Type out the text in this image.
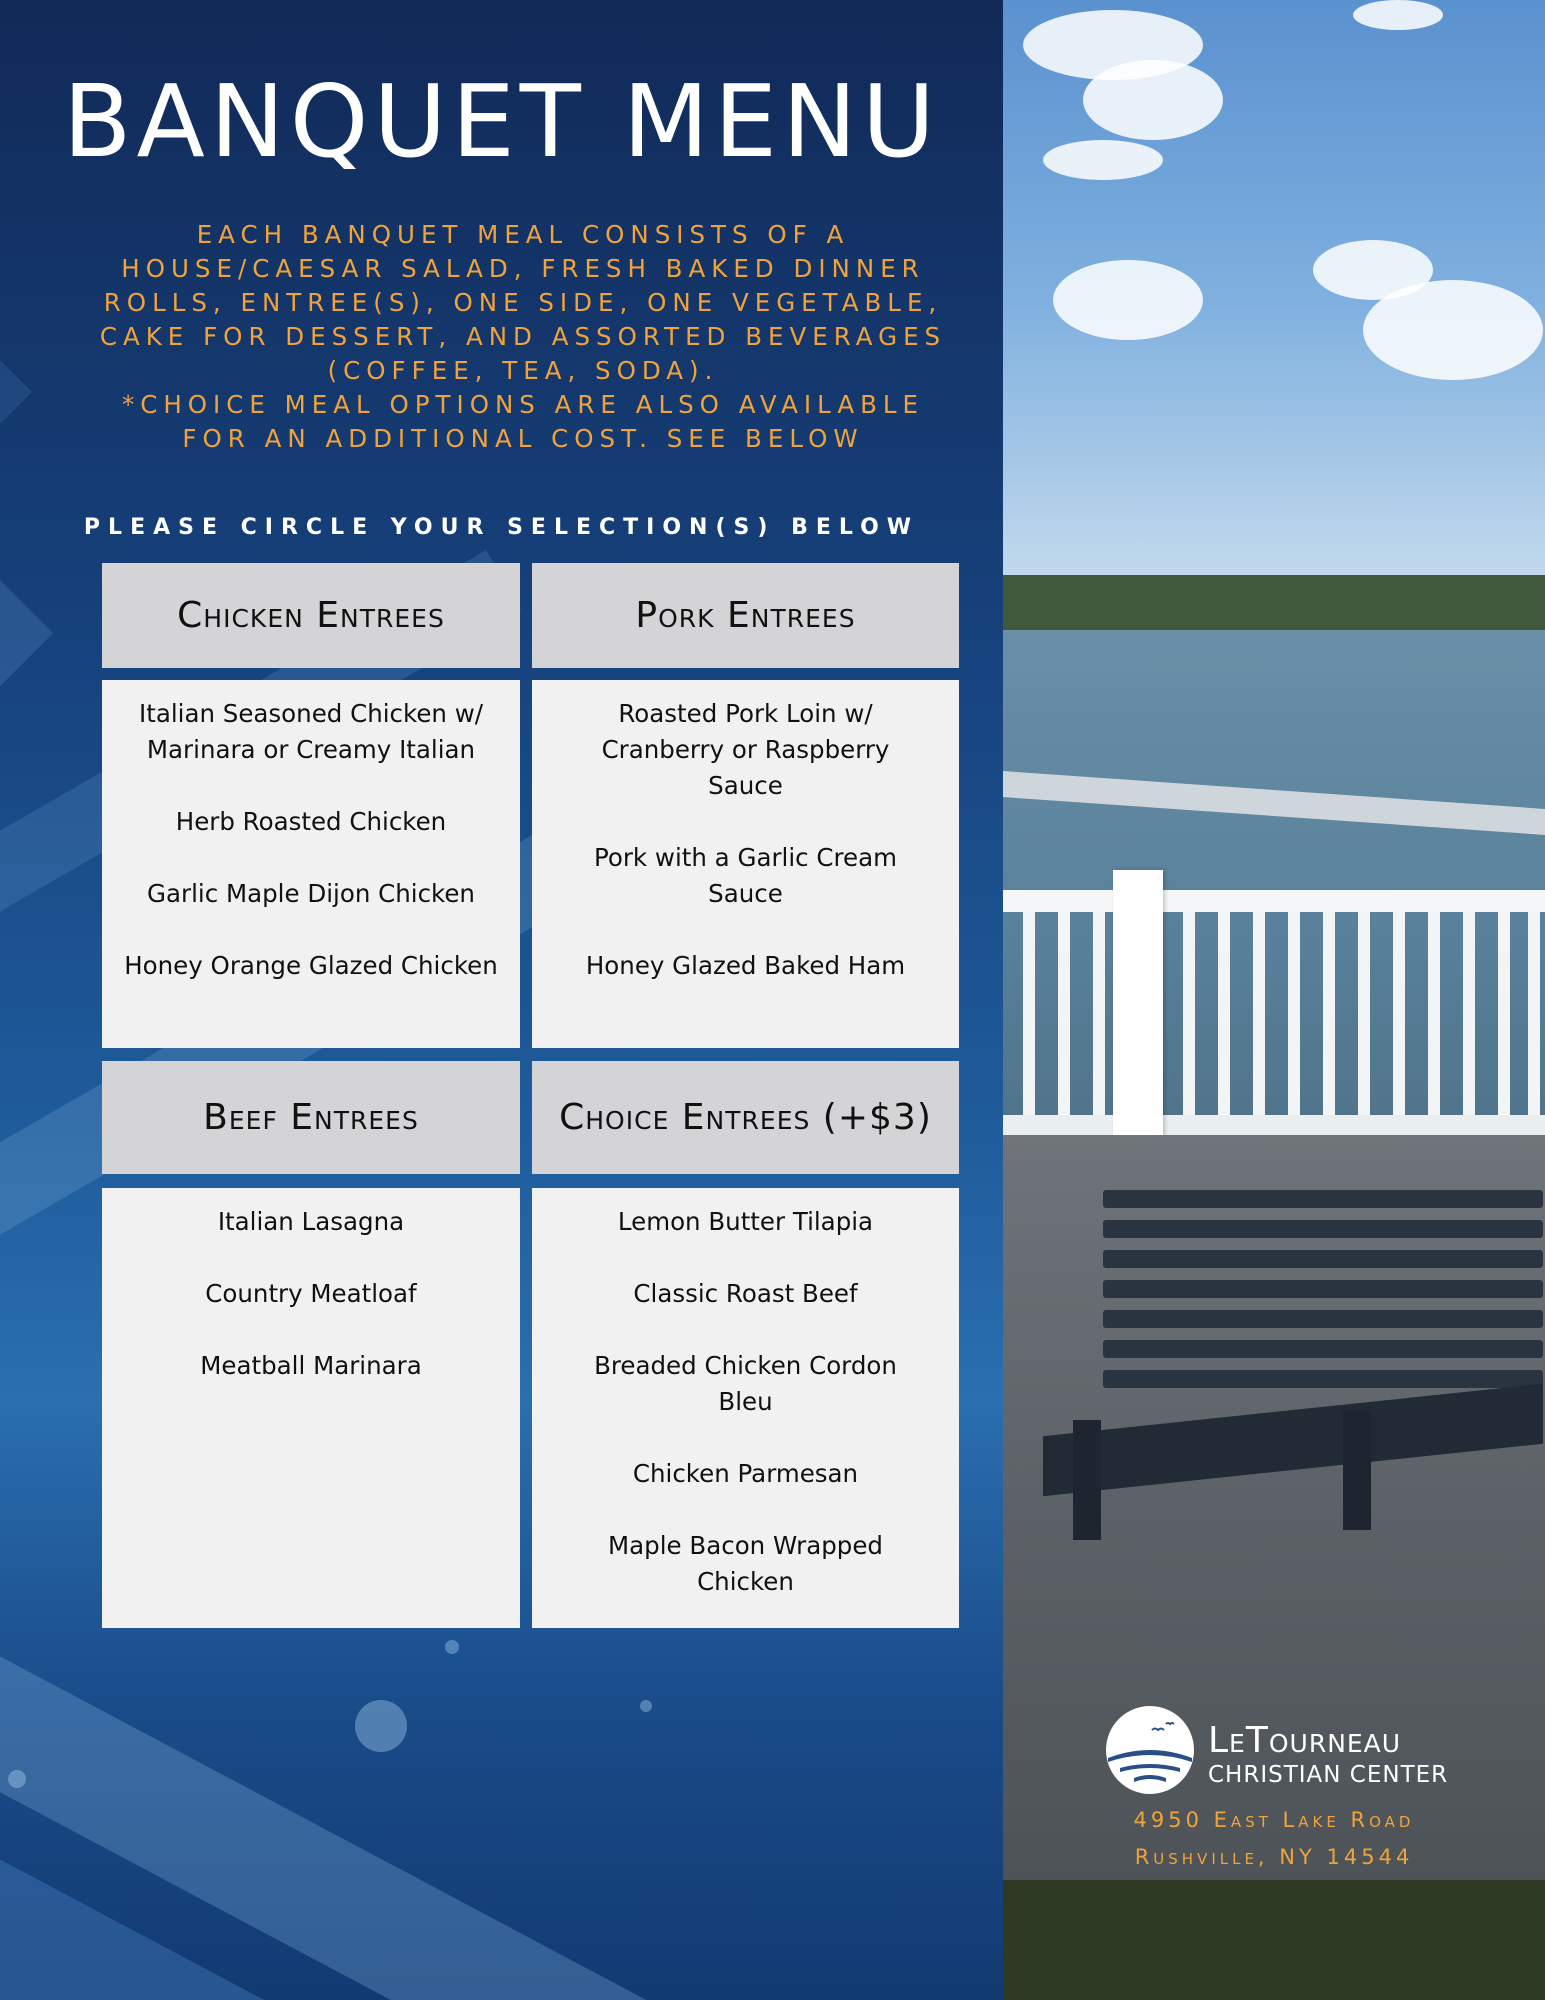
BANQUET MENU

EACH BANQUET MEAL CONSISTS OF A HOUSE/CAESAR SALAD, FRESH BAKED DINNER ROLLS, ENTREE(S), ONE SIDE, ONE VEGETABLE, CAKE FOR DESSERT, AND ASSORTED BEVERAGES (COFFEE, TEA, SODA).

*CHOICE MEAL OPTIONS ARE ALSO AVAILABLE FOR AN ADDITIONAL COST. SEE BELOW

PLEASE CIRCLE YOUR SELECTION(S) BELOW
Chicken Entrees
Italian Seasoned Chicken w/ Marinara or Creamy Italian
Herb Roasted Chicken
Garlic Maple Dijon Chicken
Honey Orange Glazed Chicken
Pork Entrees
Roasted Pork Loin w/ Cranberry or Raspberry Sauce
Pork with a Garlic Cream Sauce
Honey Glazed Baked Ham
Beef Entrees
Italian Lasagna
Country Meatloaf
Meatball Marinara
Choice Entrees (+$3)
Lemon Butter Tilapia
Classic Roast Beef
Breaded Chicken Cordon Bleu
Chicken Parmesan
Maple Bacon Wrapped Chicken
LeTourneau
CHRISTIAN CENTER
4950 East Lake Road
Rushville, NY 14544
